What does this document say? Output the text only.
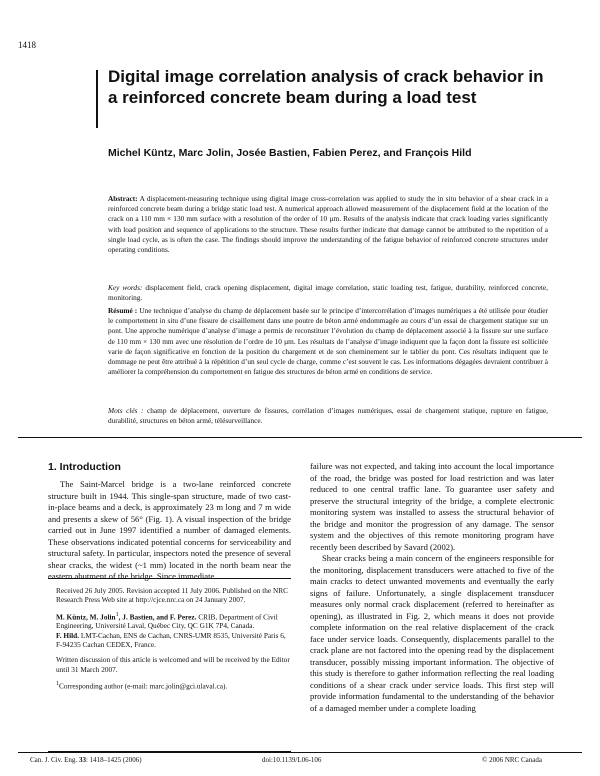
1418
Digital image correlation analysis of crack behavior in a reinforced concrete beam during a load test
Michel Küntz, Marc Jolin, Josée Bastien, Fabien Perez, and François Hild
Abstract: A displacement-measuring technique using digital image cross-correlation was applied to study the in situ behavior of a shear crack in a reinforced concrete beam during a bridge static load test. A numerical approach allowed measurement of the displacement field at the location of the crack on a 110 mm × 130 mm surface with a resolution of the order of 10 µm. Results of the analysis indicate that crack loading varies significantly with load position and sequence of applications to the structure. These results further indicate that damage cannot be attributed to the repetition of a single load cycle, as is often the case. The findings should improve the understanding of the fatigue behavior of reinforced concrete structures under operating conditions.
Key words: displacement field, crack opening displacement, digital image correlation, static loading test, fatigue, durability, reinforced concrete, monitoring.
Résumé : Une technique d’analyse du champ de déplacement basée sur le principe d’intercorrélation d’images numériques a été utilisée pour étudier le comportement in situ d’une fissure de cisaillement dans une poutre de béton armé endommagée au cours d’un essai de chargement statique sur un pont. Une approche numérique d’analyse d’image a permis de reconstituer l’évolution du champ de déplacement associé à la fissure sur une surface de 110 mm × 130 mm avec une résolution de l’ordre de 10 µm. Les résultats de l’analyse d’image indiquent que la façon dont la fissure est sollicitée varie de façon significative en fonction de la position du chargement et de son cheminement sur le tablier du pont. Ces résultats indiquent que le dommage ne peut être attribué à la répétition d’un seul cycle de charge, comme c’est souvent le cas. Les informations dégagées devraient contribuer à améliorer la compréhension du comportement en fatigue des structures de béton armé en conditions de service.
Mots clés : champ de déplacement, ouverture de fissures, corrélation d’images numériques, essai de chargement statique, rupture en fatigue, durabilité, structures en béton armé, télésurveillance.
1. Introduction

The Saint-Marcel bridge is a two-lane reinforced concrete structure built in 1944. This single-span structure, made of two cast-in-place beams and a deck, is approximately 23 m long and 7 m wide and presents a skew of 56° (Fig. 1). A visual inspection of the bridge carried out in June 1997 identified a number of damaged elements. These observations indicated potential concerns for serviceability and structural safety. In particular, inspectors noted the presence of several shear cracks, the widest (~1 mm) located in the north beam near the eastern abutment of the bridge. Since immediate

Received 26 July 2005. Revision accepted 11 July 2006. Published on the NRC Research Press Web site at http://cjce.nrc.ca on 24 January 2007.

M. Küntz, M. Jolin$^1$, J. Bastien, and F. Perez. CRIB, Department of Civil Engineering, Université Laval, Québec City, QC G1K 7P4, Canada.

F. Hild. LMT-Cachan, ENS de Cachan, CNRS-UMR 8535, Université Paris 6, F-94235 Cachan CEDEX, France.

Written discussion of this article is welcomed and will be received by the Editor until 31 March 2007.

$^1$Corresponding author (e-mail: marc.jolin@gci.ulaval.ca).

failure was not expected, and taking into account the local importance of the road, the bridge was posted for load restriction and was later reduced to one central traffic lane. To guarantee user safety and preserve the structural integrity of the bridge, a complete electronic monitoring system was installed to assess the structural behavior of the bridge and monitor the progression of any damage. The sensor system and the objectives of this remote monitoring program have recently been described by Savard (2002).

Shear cracks being a main concern of the engineers responsible for the monitoring, displacement transducers were attached to five of the main cracks to detect unwanted movements and eventually the early signs of failure. Unfortunately, a single displacement transducer measures only normal crack displacement (referred to hereinafter as opening), as illustrated in Fig. 2, which means it does not provide complete information on the real relative displacement of the crack face under service loads. Consequently, displacements parallel to the crack plane are not factored into the opening read by the displacement transducer, possibly missing important information. The objective of this study is therefore to gather information reflecting the real loading conditions of a shear crack under service loads. This first step will provide information fundamental to the understanding of the behavior of a damaged member under a complete loading

Can. J. Civ. Eng. 33: 1418–1425 (2006)	doi:10.1139/L06-106	© 2006 NRC Canada
